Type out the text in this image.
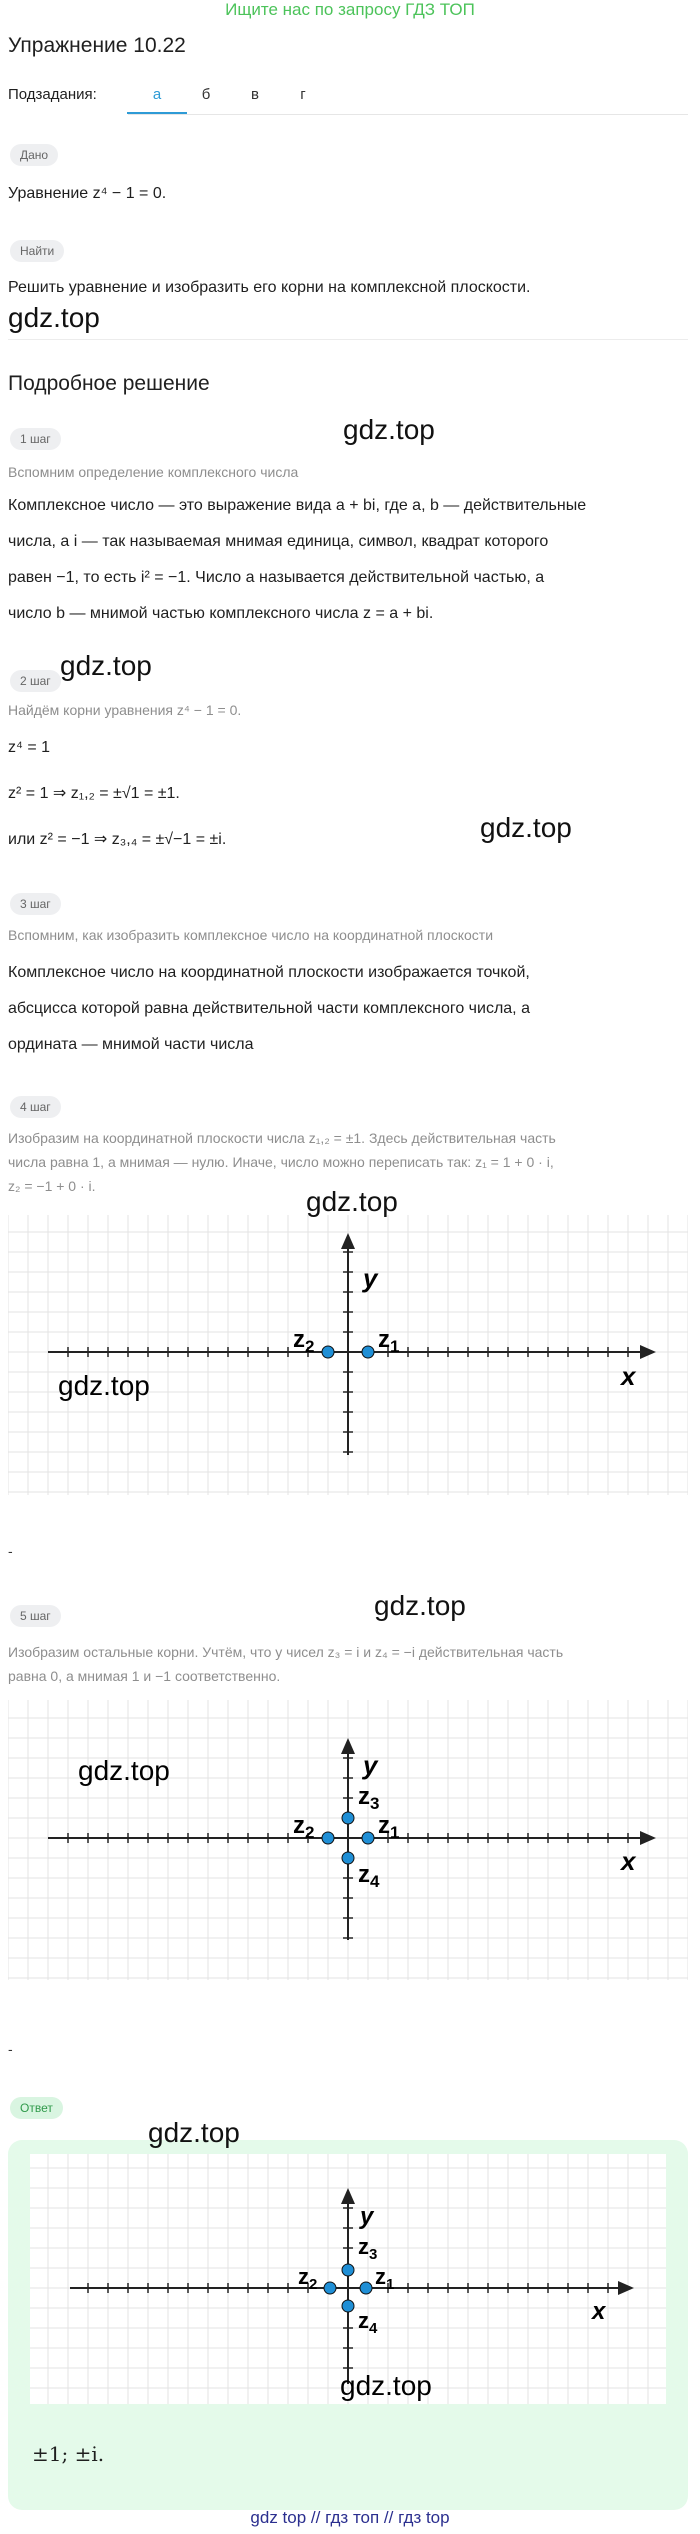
Ищите нас по запросу ГДЗ ТОП
Упражнение 10.22
Подзадания:	а	б	в	г
Дано
Уравнение z⁴ − 1 = 0.
Найти
Решить уравнение и изобразить его корни на комплексной плоскости.
gdz.top
Подробное решение
1 шаг	gdz.top
Вспомним определение комплексного числа
Комплексное число — это выражение вида a + bi, где a, b — действительные
числа, а i — так называемая мнимая единица, символ, квадрат которого
равен −1, то есть i² = −1. Число a называется действительной частью, а
число b — мнимой частью комплексного числа z = a + bi.
2 шаг gdz.top
Найдём корни уравнения z⁴ − 1 = 0.
z⁴ = 1
z² = 1 ⇒ z₁,₂ = ±√1 = ±1.
или z² = −1 ⇒ z₃,₄ = ±√−1 = ±i.	gdz.top
3 шаг
Вспомним, как изобразить комплексное число на координатной плоскости
Комплексное число на координатной плоскости изображается точкой,
абсцисса которой равна действительной части комплексного числа, а
ордината — мнимой части числа
4 шаг
Изобразим на координатной плоскости числа z₁,₂ = ±1. Здесь действительная часть
числа равна 1, а мнимая — нулю. Иначе, число можно переписать так: z₁ = 1 + 0 · i,
z₂ = −1 + 0 · i.	gdz.top
x
y
$z_2$	$z_1$
gdz.top
-
5 шаг	gdz.top
Изобразим остальные корни. Учтём, что у чисел z₃ = i и z₄ = −i действительная часть
равна 0, а мнимая 1 и −1 соответственно.
x
y
$z_2$	$z_1$
$z_3$
$z_4$
gdz.top
-
Ответ
gdz.top
x
y
$z_2$	$z_1$
$z_3$
$z_4$
gdz.top
±1; ±i.
gdz top // гдз топ // гдз top
